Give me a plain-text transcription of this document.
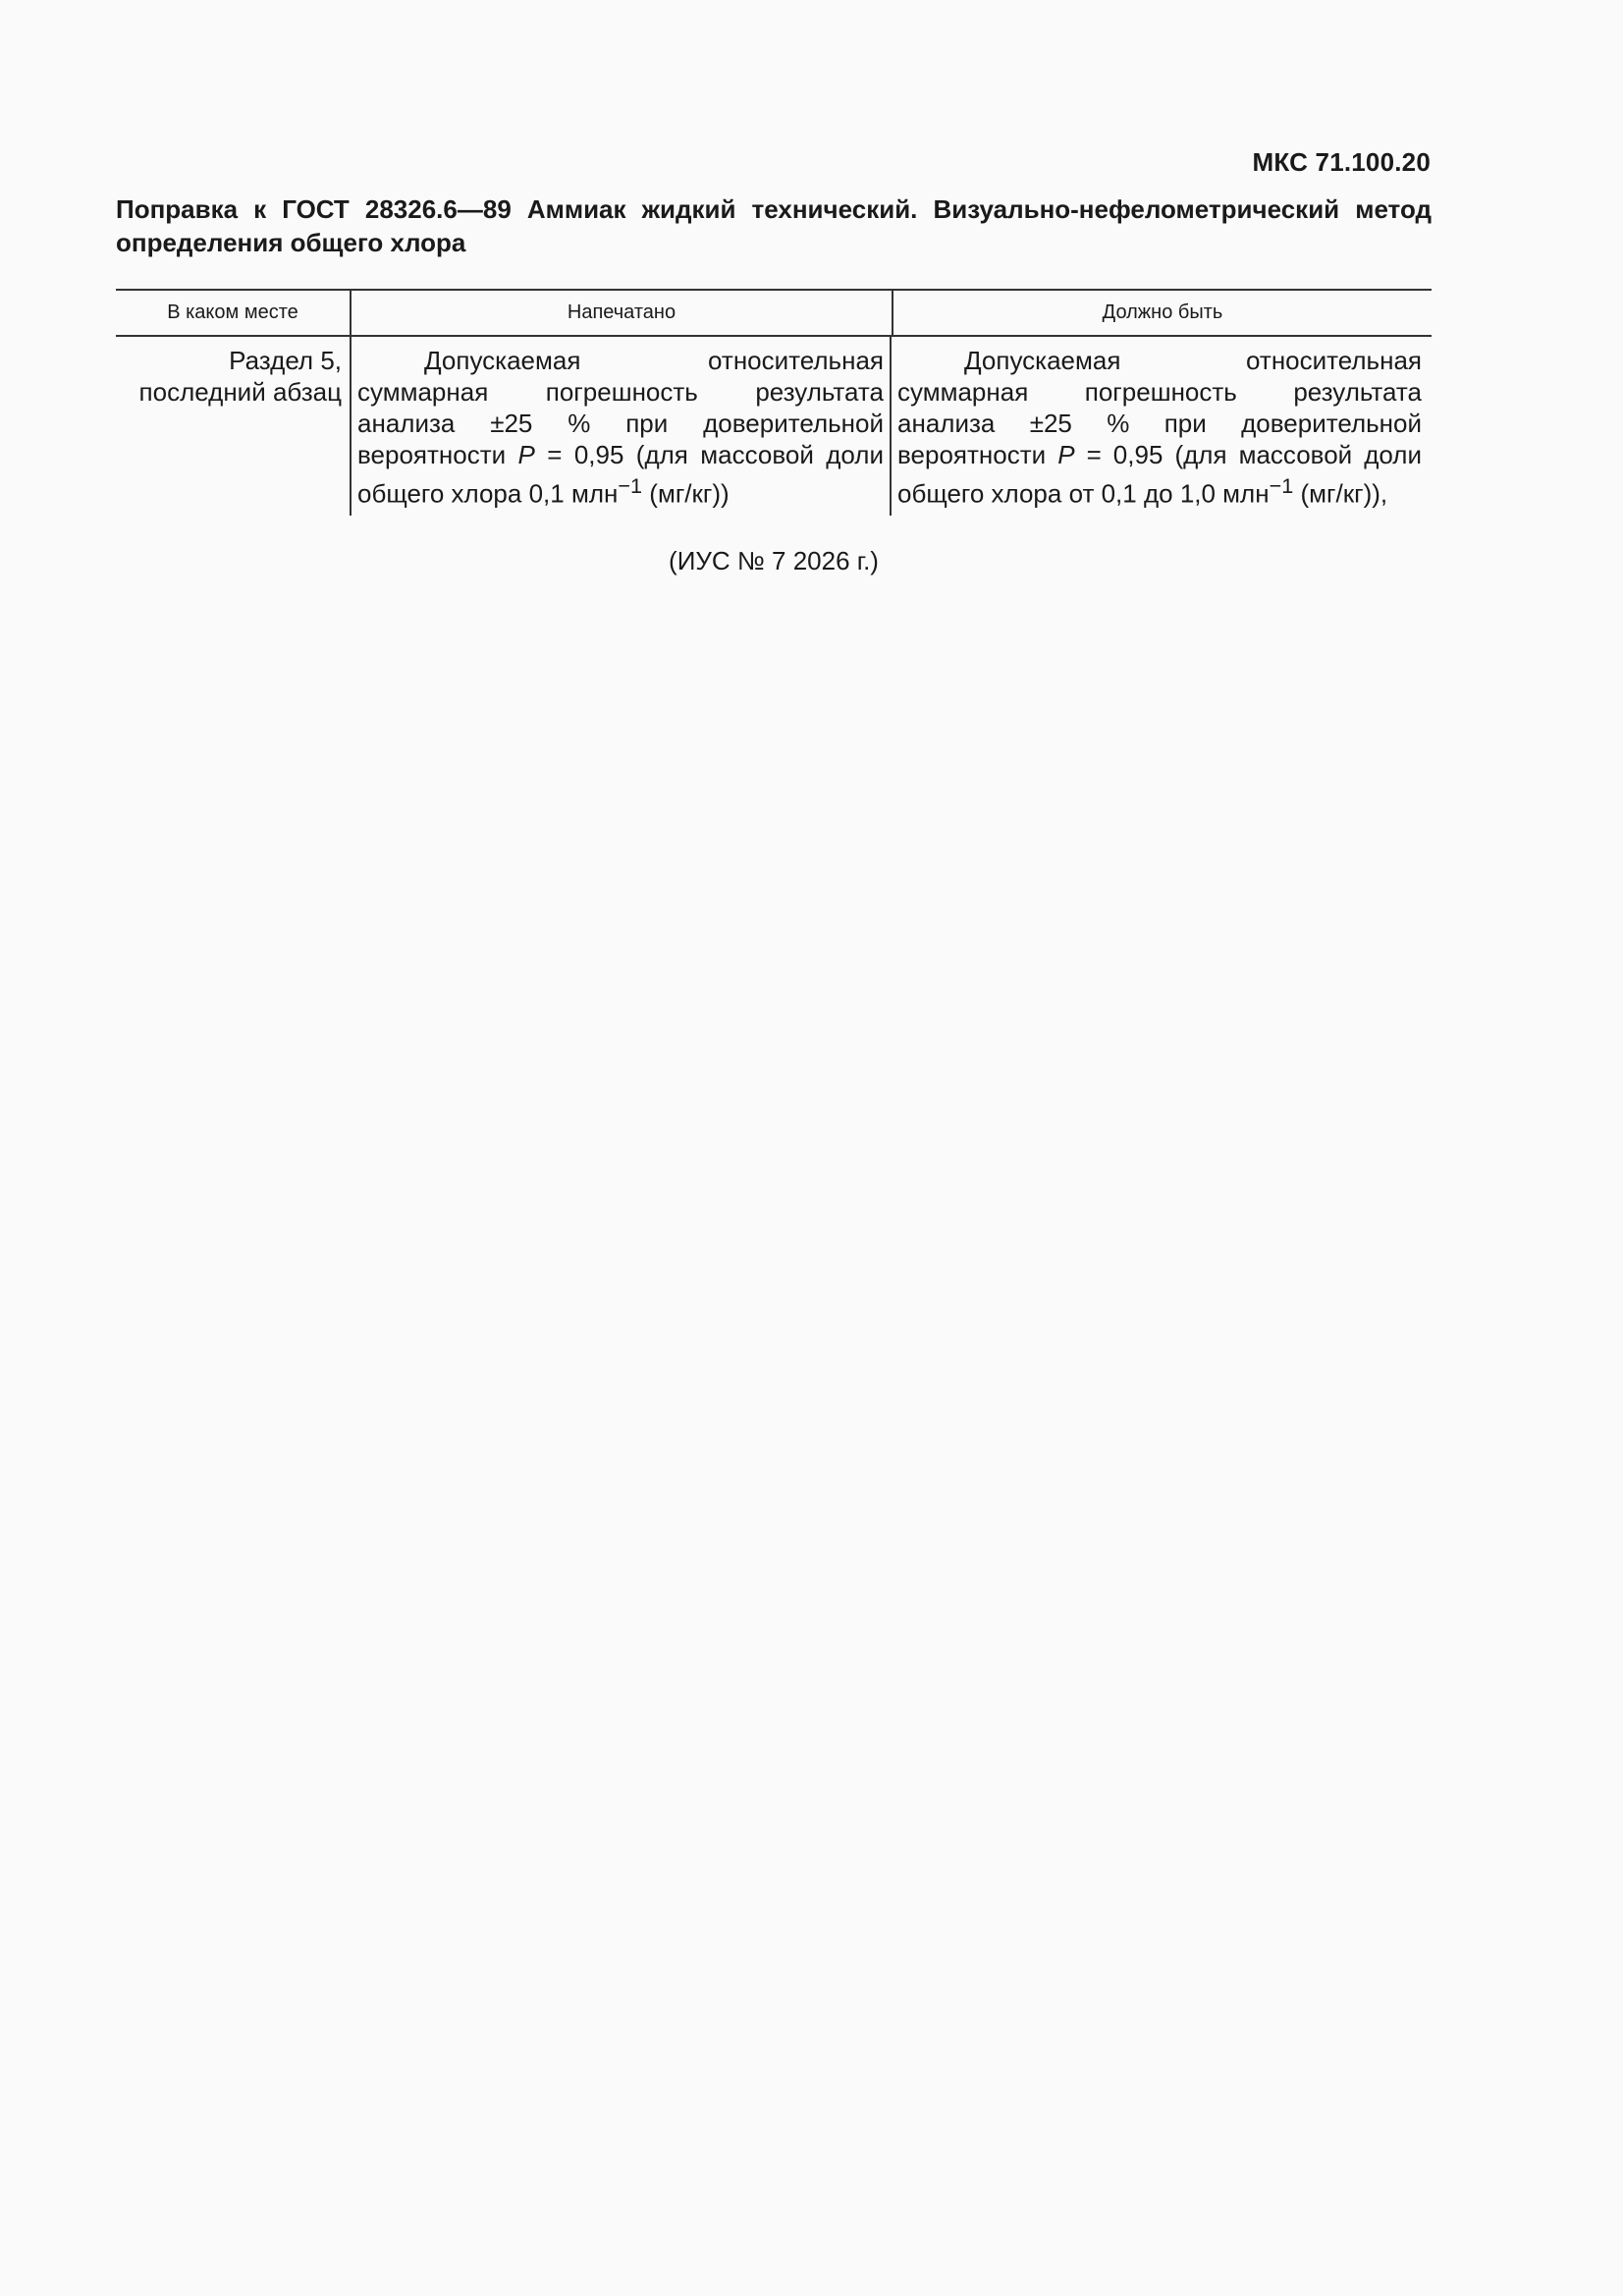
МКС 71.100.20
Поправка к ГОСТ 28326.6—89 Аммиак жидкий технический. Визуально-нефелометрический метод определения общего хлора
В каком месте	Напечатано	Должно быть
Раздел 5, последний абзац
Допускаемая относительная суммарная погрешность результата анализа ±25 % при доверительной вероятности P = 0,95 (для массовой доли общего хлора 0,1 млн$^{-1}$ (мг/кг))
Допускаемая относительная суммарная погрешность результата анализа ±25 % при доверительной вероятности P = 0,95 (для массовой доли общего хлора от 0,1 до 1,0 млн$^{-1}$ (мг/кг)),
(ИУС № 7 2026 г.)
